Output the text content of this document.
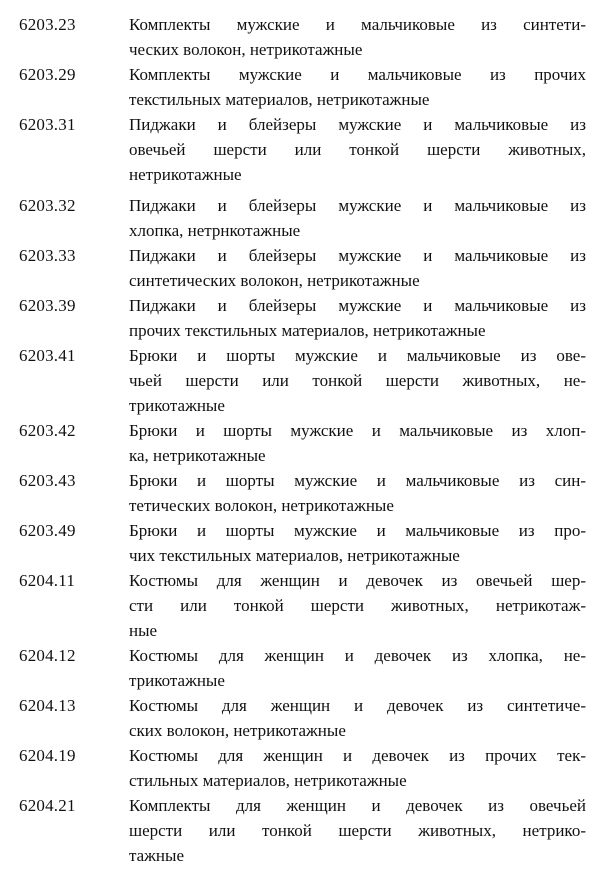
6203.23	Комплекты мужские и мальчиковые из синтети-
ческих волокон, нетрикотажные
6203.29	Комплекты мужские и мальчиковые из прочих
текстильных материалов, нетрикотажные
6203.31	Пиджаки и блейзеры мужские и мальчиковые из
овечьей шерсти или тонкой шерсти животных,
нетрикотажные
6203.32	Пиджаки и блейзеры мужские и мальчиковые из
хлопка, нетрнкотажные
6203.33	Пиджаки и блейзеры мужские и мальчиковые из
синтетических волокон, нетрикотажные
6203.39	Пиджаки и блейзеры мужские и мальчиковые из
прочих текстильных материалов, нетрикотажные
6203.41	Брюки и шорты мужские и мальчиковые из ове-
чьей шерсти или тонкой шерсти животных, не-
трикотажные
6203.42	Брюки и шорты мужские и мальчиковые из хлоп-
ка, нетрикотажные
6203.43	Брюки и шорты мужские и мальчиковые из син-
тетических волокон, нетрикотажные
6203.49	Брюки и шорты мужские и мальчиковые из про-
чих текстильных материалов, нетрикотажные
6204.11	Костюмы для женщин и девочек из овечьей шер-
сти или тонкой шерсти животных, нетрикотаж-
ные
6204.12	Костюмы для женщин и девочек из хлопка, не-
трикотажные
6204.13	Костюмы для женщин и девочек из синтетиче-
ских волокон, нетрикотажные
6204.19	Костюмы для женщин и девочек из прочих тек-
стильных материалов, нетрикотажные
6204.21	Комплекты для женщин и девочек из овечьей
шерсти или тонкой шерсти животных, нетрико-
тажные
